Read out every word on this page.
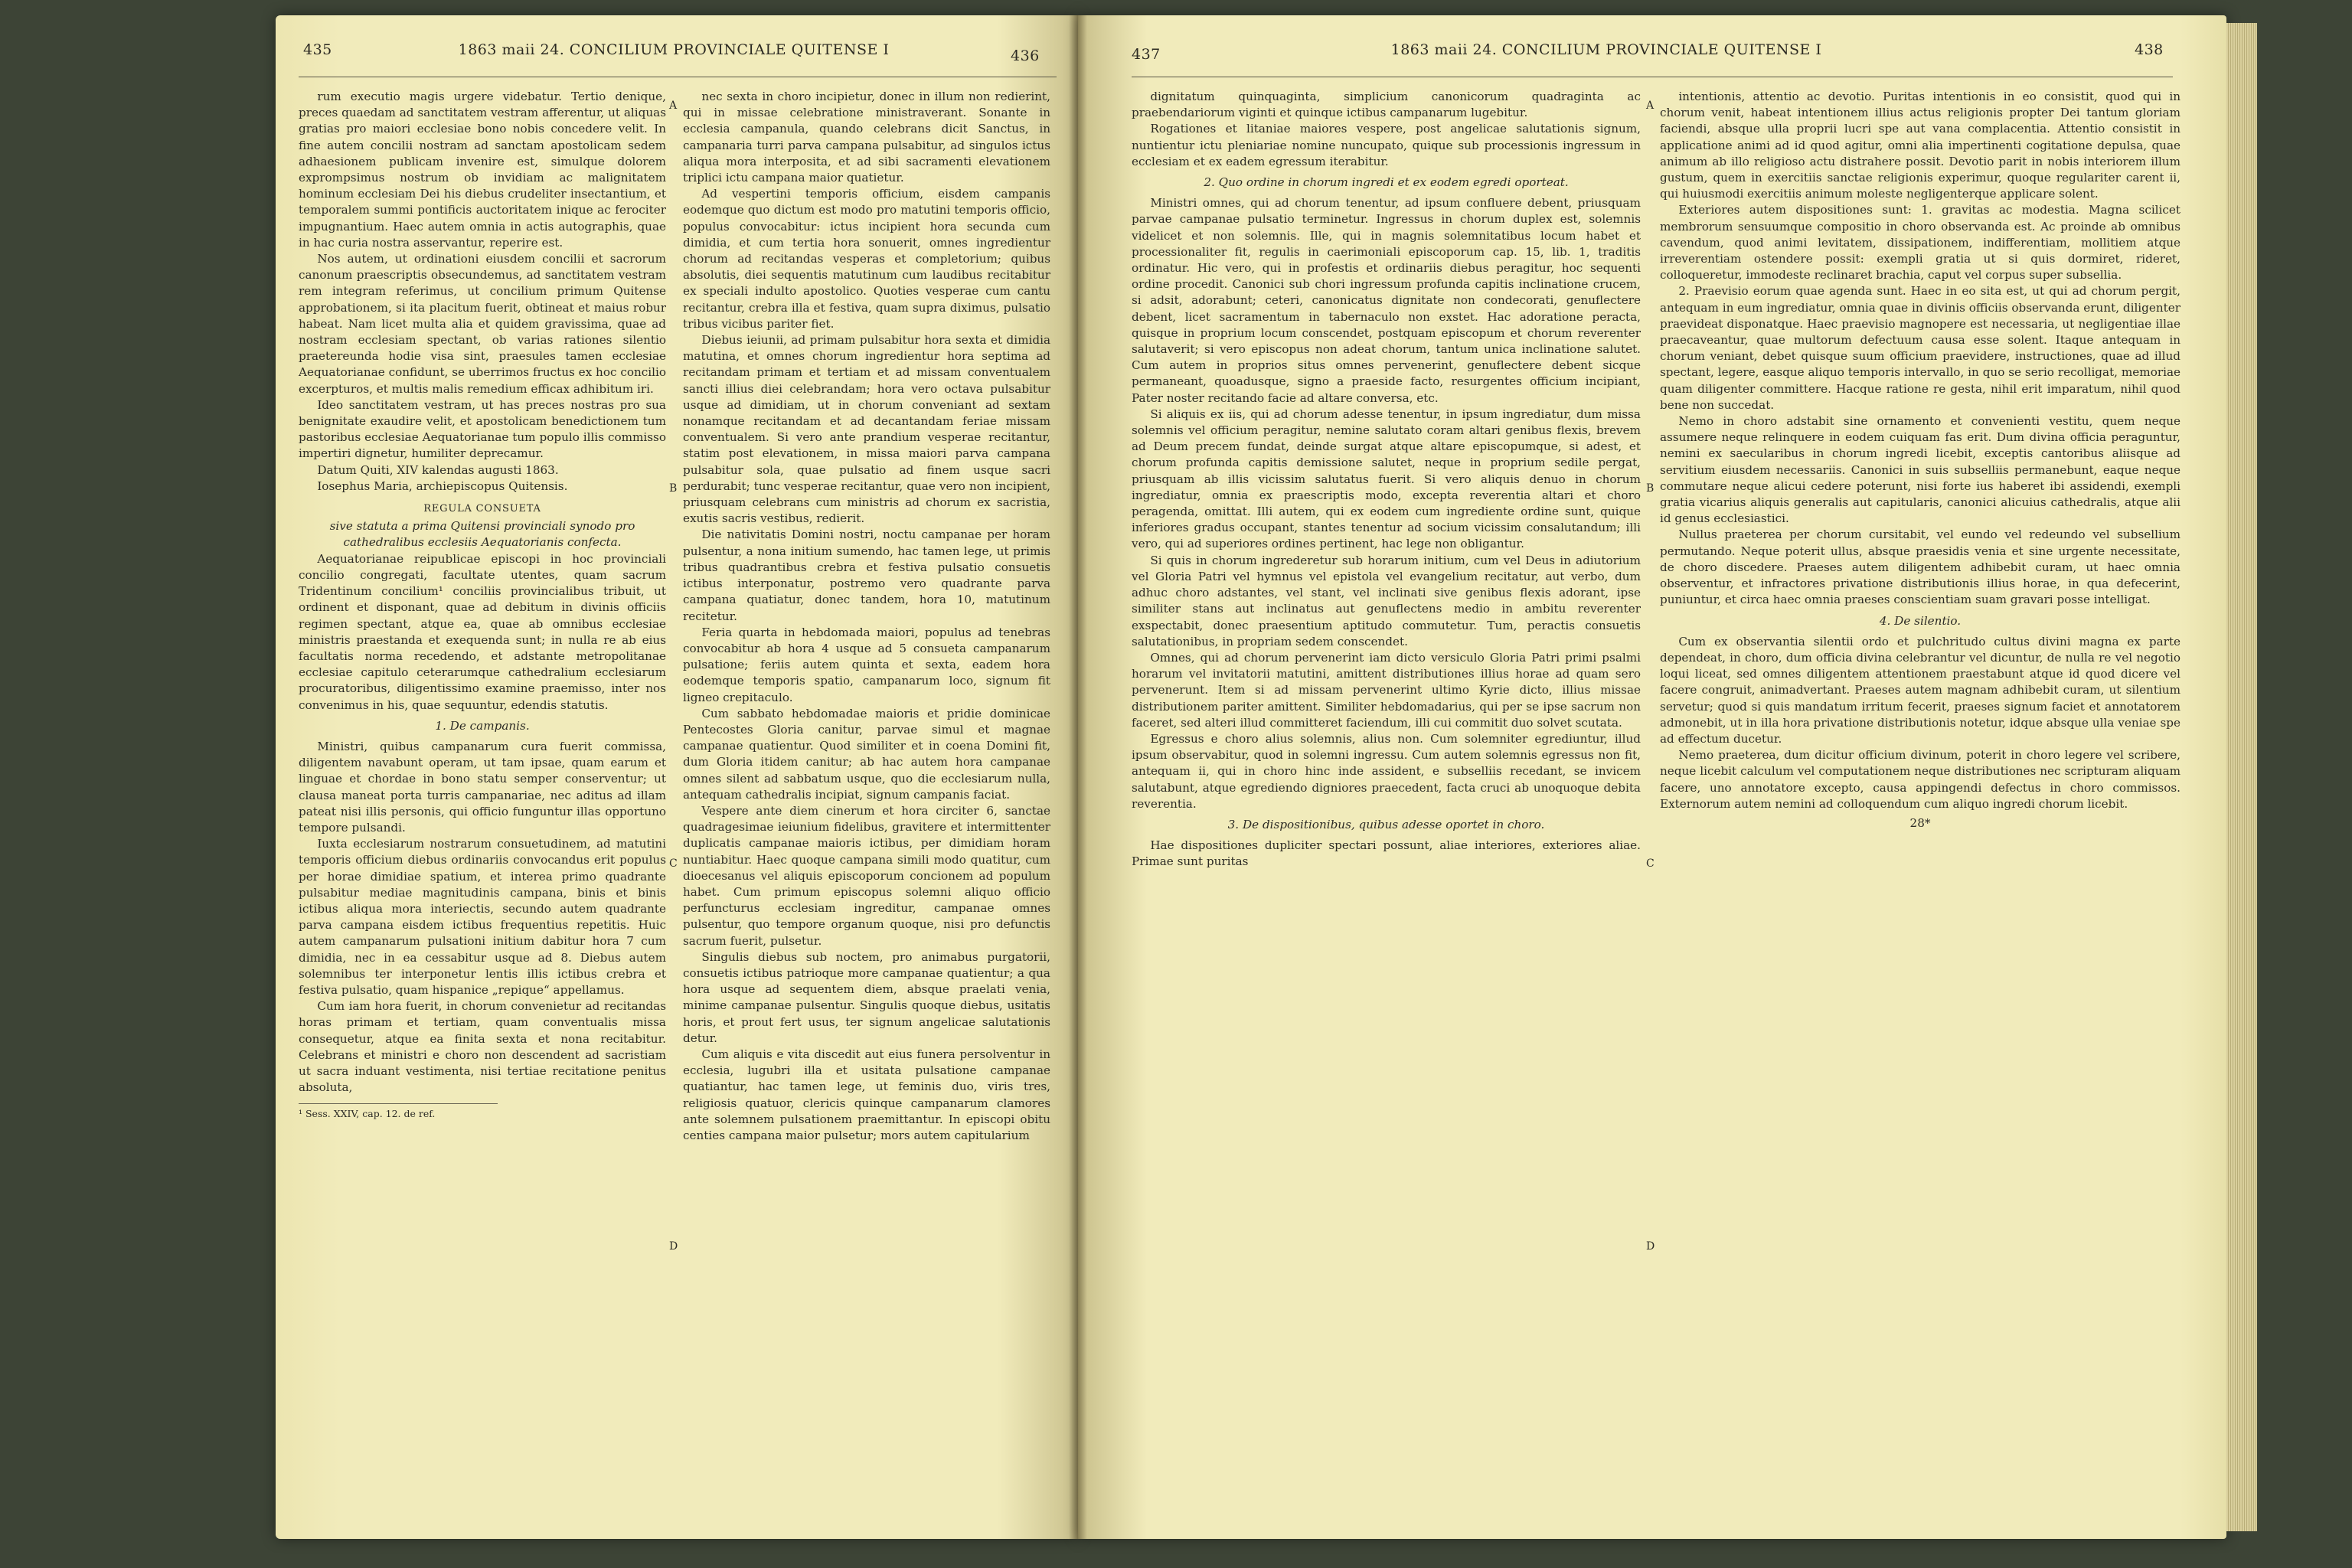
435	1863 maii 24. CONCILIUM PROVINCIALE QUITENSE I	436

rum executio magis urgere videbatur. Tertio denique, preces quaedam ad sanctitatem vestram afferentur, ut aliquas gratias pro maiori ecclesiae bono nobis concedere velit. In fine autem concilii nostram ad sanctam apostolicam sedem adhaesionem publicam invenire est, simulque dolorem exprompsimus nostrum ob invidiam ac malignitatem hominum ecclesiam Dei his diebus crudeliter insectantium, et temporalem summi pontificis auctoritatem inique ac ferociter impugnantium. Haec autem omnia in actis autographis, quae in hac curia nostra asservantur, reperire est.

Nos autem, ut ordinationi eiusdem concilii et sacrorum canonum praescriptis obsecundemus, ad sanctitatem vestram rem integram referimus, ut concilium primum Quitense approbationem, si ita placitum fuerit, obtineat et maius robur habeat. Nam licet multa alia et quidem gravissima, quae ad nostram ecclesiam spectant, ob varias rationes silentio praetereunda hodie visa sint, praesules tamen ecclesiae Aequatorianae confidunt, se uberrimos fructus ex hoc concilio excerpturos, et multis malis remedium efficax adhibitum iri.

Ideo sanctitatem vestram, ut has preces nostras pro sua benignitate exaudire velit, et apostolicam benedictionem tum pastoribus ecclesiae Aequatorianae tum populo illis commisso impertiri dignetur, humiliter deprecamur.

Datum Quiti, XIV kalendas augusti 1863.

Iosephus Maria, archiepiscopus Quitensis.

REGULA CONSUETA

sive statuta a prima Quitensi provinciali synodo pro cathedralibus ecclesiis Aequatorianis confecta.

Aequatorianae reipublicae episcopi in hoc provinciali concilio congregati, facultate utentes, quam sacrum Tridentinum concilium¹ conciliis provincialibus tribuit, ut ordinent et disponant, quae ad debitum in divinis officiis regimen spectant, atque ea, quae ab omnibus ecclesiae ministris praestanda et exequenda sunt; in nulla re ab eius facultatis norma recedendo, et adstante metropolitanae ecclesiae capitulo ceterarumque cathedralium ecclesiarum procuratoribus, diligentissimo examine praemisso, inter nos convenimus in his, quae sequuntur, edendis statutis.

1. De campanis.

Ministri, quibus campanarum cura fuerit commissa, diligentem navabunt operam, ut tam ipsae, quam earum et linguae et chordae in bono statu semper conserventur; ut clausa maneat porta turris campanariae, nec aditus ad illam pateat nisi illis personis, qui officio funguntur illas opportuno tempore pulsandi.

Iuxta ecclesiarum nostrarum consuetudinem, ad matutini temporis officium diebus ordinariis convocandus erit populus per horae dimidiae spatium, et interea primo quadrante pulsabitur mediae magnitudinis campana, binis et binis ictibus aliqua mora interiectis, secundo autem quadrante parva campana eisdem ictibus frequentius repetitis. Huic autem campanarum pulsationi initium dabitur hora 7 cum dimidia, nec in ea cessabitur usque ad 8. Diebus autem solemnibus ter interponetur lentis illis ictibus crebra et festiva pulsatio, quam hispanice „repique“ appellamus.

Cum iam hora fuerit, in chorum convenietur ad recitandas horas primam et tertiam, quam conventualis missa consequetur, atque ea finita sexta et nona recitabitur. Celebrans et ministri e choro non descendent ad sacristiam ut sacra induant vestimenta, nisi tertiae recitatione penitus absoluta,

¹ Sess. XXIV, cap. 12. de ref.

A
B
C
D

nec sexta in choro incipietur, donec in illum non redierint, qui in missae celebratione ministraverant. Sonante in ecclesia campanula, quando celebrans dicit Sanctus, in campanaria turri parva campana pulsabitur, ad singulos ictus aliqua mora interposita, et ad sibi sacramenti elevationem triplici ictu campana maior quatietur.

Ad vespertini temporis officium, eisdem campanis eodemque quo dictum est modo pro matutini temporis officio, populus convocabitur: ictus incipient hora secunda cum dimidia, et cum tertia hora sonuerit, omnes ingredientur chorum ad recitandas vesperas et completorium; quibus absolutis, diei sequentis matutinum cum laudibus recitabitur ex speciali indulto apostolico. Quoties vesperae cum cantu recitantur, crebra illa et festiva, quam supra diximus, pulsatio tribus vicibus pariter fiet.

Diebus ieiunii, ad primam pulsabitur hora sexta et dimidia matutina, et omnes chorum ingredientur hora septima ad recitandam primam et tertiam et ad missam conventualem sancti illius diei celebrandam; hora vero octava pulsabitur usque ad dimidiam, ut in chorum conveniant ad sextam nonamque recitandam et ad decantandam feriae missam conventualem. Si vero ante prandium vesperae recitantur, statim post elevationem, in missa maiori parva campana pulsabitur sola, quae pulsatio ad finem usque sacri perdurabit; tunc vesperae recitantur, quae vero non incipient, priusquam celebrans cum ministris ad chorum ex sacristia, exutis sacris vestibus, redierit.

Die nativitatis Domini nostri, noctu campanae per horam pulsentur, a nona initium sumendo, hac tamen lege, ut primis tribus quadrantibus crebra et festiva pulsatio consuetis ictibus interponatur, postremo vero quadrante parva campana quatiatur, donec tandem, hora 10, matutinum recitetur.

Feria quarta in hebdomada maiori, populus ad tenebras convocabitur ab hora 4 usque ad 5 consueta campanarum pulsatione; feriis autem quinta et sexta, eadem hora eodemque temporis spatio, campanarum loco, signum fit ligneo crepitaculo.

Cum sabbato hebdomadae maioris et pridie dominicae Pentecostes Gloria canitur, parvae simul et magnae campanae quatientur. Quod similiter et in coena Domini fit, dum Gloria itidem canitur; ab hac autem hora campanae omnes silent ad sabbatum usque, quo die ecclesiarum nulla, antequam cathedralis incipiat, signum campanis faciat.

Vespere ante diem cinerum et hora circiter 6, sanctae quadragesimae ieiunium fidelibus, gravitere et intermittenter duplicatis campanae maioris ictibus, per dimidiam horam nuntiabitur. Haec quoque campana simili modo quatitur, cum dioecesanus vel aliquis episcoporum concionem ad populum habet. Cum primum episcopus solemni aliquo officio perfuncturus ecclesiam ingreditur, campanae omnes pulsentur, quo tempore organum quoque, nisi pro defunctis sacrum fuerit, pulsetur.

Singulis diebus sub noctem, pro animabus purgatorii, consuetis ictibus patrioque more campanae quatientur; a qua hora usque ad sequentem diem, absque praelati venia, minime campanae pulsentur. Singulis quoque diebus, usitatis horis, et prout fert usus, ter signum angelicae salutationis detur.

Cum aliquis e vita discedit aut eius funera persolventur in ecclesia, lugubri illa et usitata pulsatione campanae quatiantur, hac tamen lege, ut feminis duo, viris tres, religiosis quatuor, clericis quinque campanarum clamores ante solemnem pulsationem praemittantur. In episcopi obitu centies campana maior pulsetur; mors autem capitularium

437	1863 maii 24. CONCILIUM PROVINCIALE QUITENSE I	438

dignitatum quinquaginta, simplicium canonicorum quadraginta ac praebendariorum viginti et quinque ictibus campanarum lugebitur.

Rogationes et litaniae maiores vespere, post angelicae salutationis signum, nuntientur ictu pleniariae nomine nuncupato, quique sub processionis ingressum in ecclesiam et ex eadem egressum iterabitur.

2. Quo ordine in chorum ingredi et ex eodem egredi oporteat.

Ministri omnes, qui ad chorum tenentur, ad ipsum confluere debent, priusquam parvae campanae pulsatio terminetur. Ingressus in chorum duplex est, solemnis videlicet et non solemnis. Ille, qui in magnis solemnitatibus locum habet et processionaliter fit, regulis in caerimoniali episcoporum cap. 15, lib. 1, traditis ordinatur. Hic vero, qui in profestis et ordinariis diebus peragitur, hoc sequenti ordine procedit. Canonici sub chori ingressum profunda capitis inclinatione crucem, si adsit, adorabunt; ceteri, canonicatus dignitate non condecorati, genuflectere debent, licet sacramentum in tabernaculo non exstet. Hac adoratione peracta, quisque in proprium locum conscendet, postquam episcopum et chorum reverenter salutaverit; si vero episcopus non adeat chorum, tantum unica inclinatione salutet. Cum autem in proprios situs omnes pervenerint, genuflectere debent sicque permaneant, quoadusque, signo a praeside facto, resurgentes officium incipiant, Pater noster recitando facie ad altare conversa, etc.

Si aliquis ex iis, qui ad chorum adesse tenentur, in ipsum ingrediatur, dum missa solemnis vel officium peragitur, nemine salutato coram altari genibus flexis, brevem ad Deum precem fundat, deinde surgat atque altare episcopumque, si adest, et chorum profunda capitis demissione salutet, neque in proprium sedile pergat, priusquam ab illis vicissim salutatus fuerit. Si vero aliquis denuo in chorum ingrediatur, omnia ex praescriptis modo, excepta reverentia altari et choro peragenda, omittat. Illi autem, qui ex eodem cum ingrediente ordine sunt, quique inferiores gradus occupant, stantes tenentur ad socium vicissim consalutandum; illi vero, qui ad superiores ordines pertinent, hac lege non obligantur.

Si quis in chorum ingrederetur sub horarum initium, cum vel Deus in adiutorium vel Gloria Patri vel hymnus vel epistola vel evangelium recitatur, aut verbo, dum adhuc choro adstantes, vel stant, vel inclinati sive genibus flexis adorant, ipse similiter stans aut inclinatus aut genuflectens medio in ambitu reverenter exspectabit, donec praesentium aptitudo commutetur. Tum, peractis consuetis salutationibus, in propriam sedem conscendet.

Omnes, qui ad chorum pervenerint iam dicto versiculo Gloria Patri primi psalmi horarum vel invitatorii matutini, amittent distributiones illius horae ad quam sero pervenerunt. Item si ad missam pervenerint ultimo Kyrie dicto, illius missae distributionem pariter amittent. Similiter hebdomadarius, qui per se ipse sacrum non faceret, sed alteri illud committeret faciendum, illi cui commitit duo solvet scutata.

Egressus e choro alius solemnis, alius non. Cum solemniter egrediuntur, illud ipsum observabitur, quod in solemni ingressu. Cum autem solemnis egressus non fit, antequam ii, qui in choro hinc inde assident, e subselliis recedant, se invicem salutabunt, atque egrediendo digniores praecedent, facta cruci ab unoquoque debita reverentia.

3. De dispositionibus, quibus adesse oportet in choro.

Hae dispositiones dupliciter spectari possunt, aliae interiores, exteriores aliae. Primae sunt puritas

A
B
C
D

intentionis, attentio ac devotio. Puritas intentionis in eo consistit, quod qui in chorum venit, habeat intentionem illius actus religionis propter Dei tantum gloriam faciendi, absque ulla proprii lucri spe aut vana complacentia. Attentio consistit in applicatione animi ad id quod agitur, omni alia impertinenti cogitatione depulsa, quae animum ab illo religioso actu distrahere possit. Devotio parit in nobis interiorem illum gustum, quem in exercitiis sanctae religionis experimur, quoque regulariter carent ii, qui huiusmodi exercitiis animum moleste negligenterque applicare solent.

Exteriores autem dispositiones sunt: 1. gravitas ac modestia. Magna scilicet membrorum sensuumque compositio in choro observanda est. Ac proinde ab omnibus cavendum, quod animi levitatem, dissipationem, indifferentiam, mollitiem atque irreverentiam ostendere possit: exempli gratia ut si quis dormiret, rideret, colloqueretur, immodeste reclinaret brachia, caput vel corpus super subsellia.

2. Praevisio eorum quae agenda sunt. Haec in eo sita est, ut qui ad chorum pergit, antequam in eum ingrediatur, omnia quae in divinis officiis observanda erunt, diligenter praevideat disponatque. Haec praevisio magnopere est necessaria, ut negligentiae illae praecaveantur, quae multorum defectuum causa esse solent. Itaque antequam in chorum veniant, debet quisque suum officium praevidere, instructiones, quae ad illud spectant, legere, easque aliquo temporis intervallo, in quo se serio recolligat, memoriae quam diligenter committere. Hacque ratione re gesta, nihil erit imparatum, nihil quod bene non succedat.

Nemo in choro adstabit sine ornamento et convenienti vestitu, quem neque assumere neque relinquere in eodem cuiquam fas erit. Dum divina officia peraguntur, nemini ex saecularibus in chorum ingredi licebit, exceptis cantoribus aliisque ad servitium eiusdem necessariis. Canonici in suis subselliis permanebunt, eaque neque commutare neque alicui cedere poterunt, nisi forte ius haberet ibi assidendi, exempli gratia vicarius aliquis generalis aut capitularis, canonici alicuius cathedralis, atque alii id genus ecclesiastici.

Nullus praeterea per chorum cursitabit, vel eundo vel redeundo vel subsellium permutando. Neque poterit ullus, absque praesidis venia et sine urgente necessitate, de choro discedere. Praeses autem diligentem adhibebit curam, ut haec omnia observentur, et infractores privatione distributionis illius horae, in qua defecerint, puniuntur, et circa haec omnia praeses conscientiam suam gravari posse intelligat.

4. De silentio.

Cum ex observantia silentii ordo et pulchritudo cultus divini magna ex parte dependeat, in choro, dum officia divina celebrantur vel dicuntur, de nulla re vel negotio loqui liceat, sed omnes diligentem attentionem praestabunt atque id quod dicere vel facere congruit, animadvertant. Praeses autem magnam adhibebit curam, ut silentium servetur; quod si quis mandatum irritum fecerit, praeses signum faciet et annotatorem admonebit, ut in illa hora privatione distributionis notetur, idque absque ulla veniae spe ad effectum ducetur.

Nemo praeterea, dum dicitur officium divinum, poterit in choro legere vel scribere, neque licebit calculum vel computationem neque distributiones nec scripturam aliquam facere, uno annotatore excepto, causa appingendi defectus in choro commissos. Externorum autem nemini ad colloquendum cum aliquo ingredi chorum licebit.

28*
